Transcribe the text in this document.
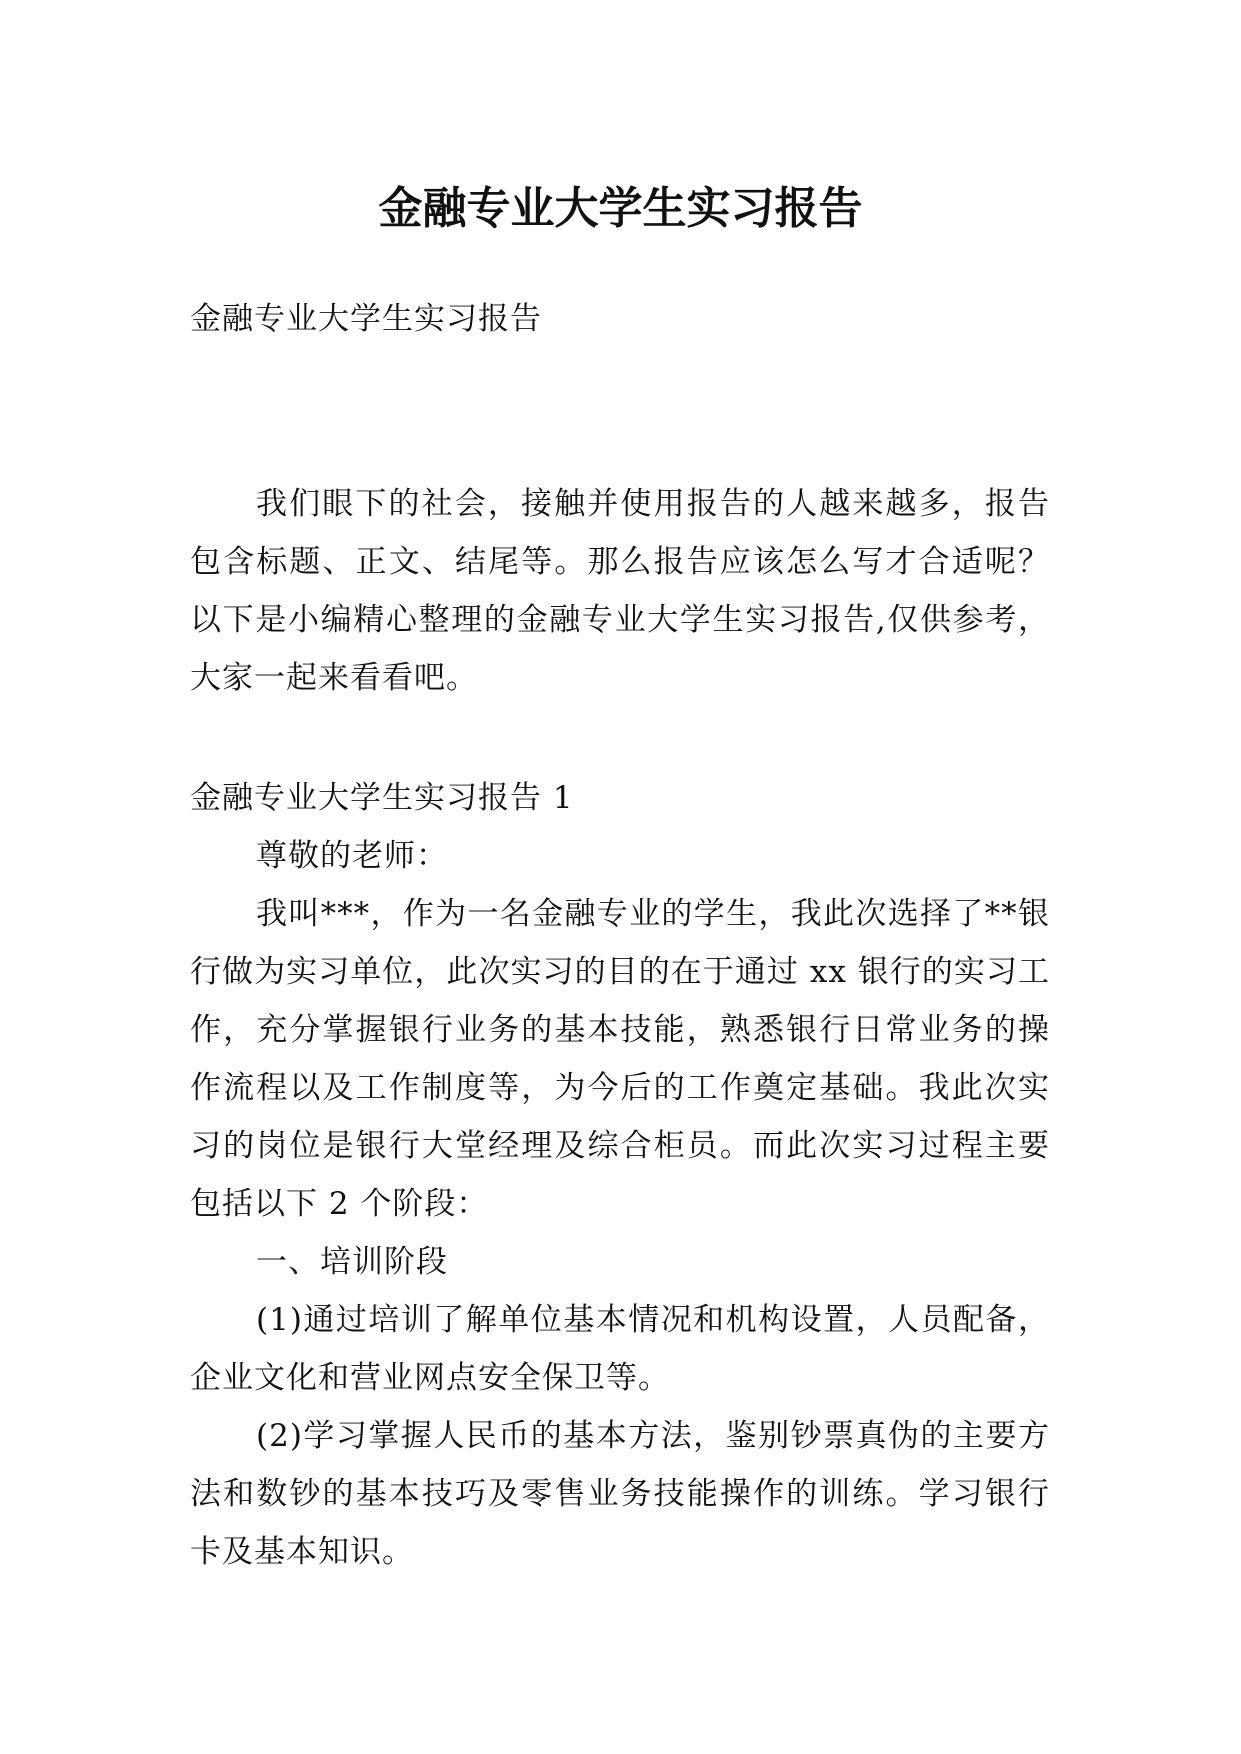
金融专业大学生实习报告

金融专业大学生实习报告

我们眼下的社会，接触并使用报告的人越来越多，报告包含标题、正文、结尾等。那么报告应该怎么写才合适呢？以下是小编精心整理的金融专业大学生实习报告,仅供参考，大家一起来看看吧。

金融专业大学生实习报告 1

尊敬的老师：

我叫***，作为一名金融专业的学生，我此次选择了**银行做为实习单位，此次实习的目的在于通过 xx 银行的实习工作，充分掌握银行业务的基本技能，熟悉银行日常业务的操作流程以及工作制度等，为今后的工作奠定基础。我此次实习的岗位是银行大堂经理及综合柜员。而此次实习过程主要包括以下 2 个阶段：

一、培训阶段

(1)通过培训了解单位基本情况和机构设置，人员配备，企业文化和营业网点安全保卫等。

(2)学习掌握人民币的基本方法，鉴别钞票真伪的主要方法和数钞的基本技巧及零售业务技能操作的训练。学习银行卡及基本知识。
